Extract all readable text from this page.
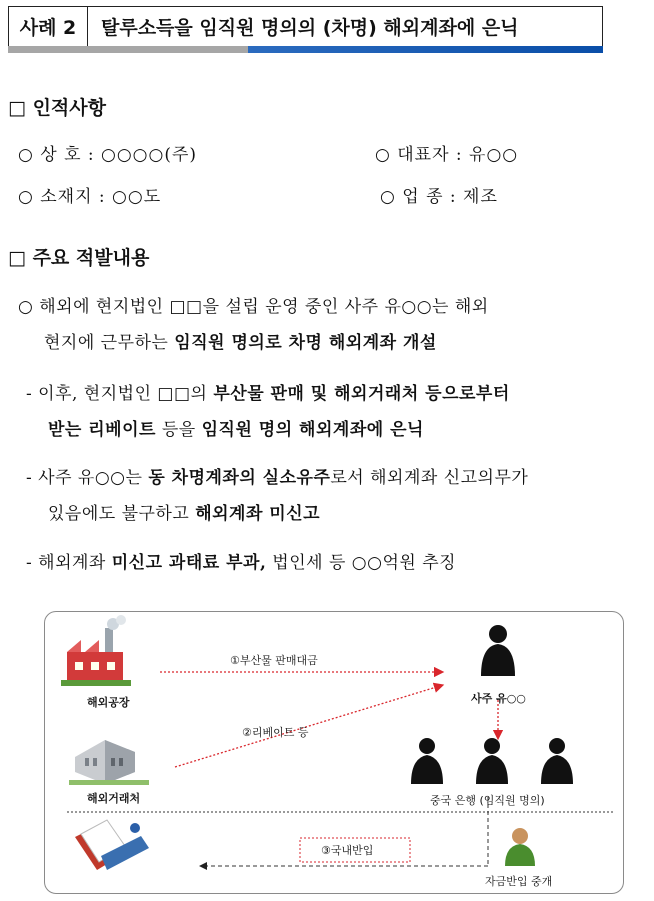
사례 2	탈루소득을 임직원 명의의 (차명) 해외계좌에 은닉
□ 인적사항
○ 상 호 : ○○○○(주)	○ 대표자 : 유○○
○ 소재지 : ○○도	○ 업 종 : 제조
□ 주요 적발내용
○ 해외에 현지법인 □□을 설립 운영 중인 사주 유○○는 해외
현지에 근무하는 임직원 명의로 차명 해외계좌 개설
- 이후, 현지법인 □□의 부산물 판매 및 해외거래처 등으로부터
받는 리베이트 등을 임직원 명의 해외계좌에 은닉
- 사주 유○○는 동 차명계좌의 실소유주로서 해외계좌 신고의무가
있음에도 불구하고 해외계좌 미신고
- 해외계좌 미신고 과태료 부과, 법인세 등 ○○억원 추징
해외공장
해외거래처
사주 유○○
중국 은행 (임직원 명의)
자금반입 중개
①부산물 판매대금
②리베이트 등
③국내반입
